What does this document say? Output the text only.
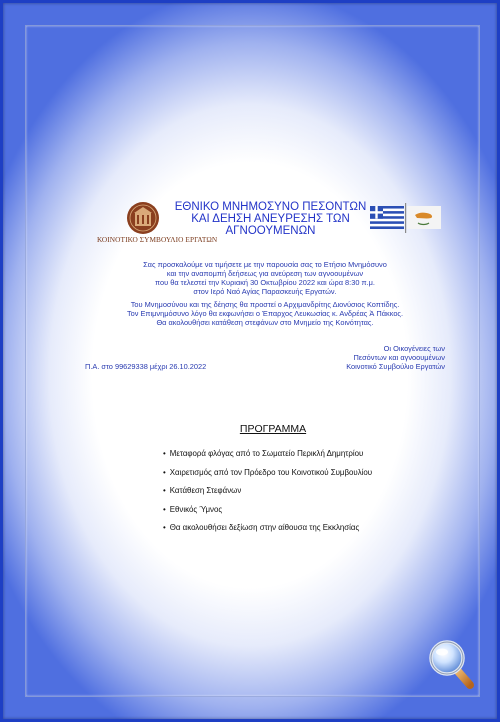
ΚΟΙΝΟΤΙΚΟ ΣΥΜΒΟΥΛΙΟ ΕΡΓΑΤΩΝ
ΕΘΝΙΚΟ ΜΝΗΜΟΣΥΝΟ ΠΕΣΟΝΤΩΝ
ΚΑΙ ΔΕΗΣΗ ΑΝΕΥΡΕΣΗΣ ΤΩΝ
ΑΓΝΟΟΥΜΕΝΩΝ
Σας προσκαλούμε να τιμήσετε με την παρουσία σας το Ετήσιο Μνημόσυνο
και την αναπομπή δεήσεως για ανεύρεση των αγνοουμένων
που θα τελεστεί την Κυριακή 30 Οκτωβρίου 2022 και ώρα 8:30 π.μ.
στον Ιερό Ναό Αγίας Παρασκευής Εργατών.
Του Μνημοσύνου και της δέησης θα προστεί ο Αρχιμανδρίτης Διονύσιος Κοπτίδης.
Τον Επιμνημόσυνο λόγο θα εκφωνήσει ο Έπαρχος Λευκωσίας κ. Ανδρέας Ἀ Πάκκος.
Θα ακολουθήσει κατάθεση στεφάνων στο Μνημείο της Κοινότητας.
Οι Οικογένειες των
Πεσόντων και αγνοουμένων
Κοινοτικό Συμβούλιο Εργατών
Π.Α. στο 99629338 μέχρι 26.10.2022
ΠΡΟΓΡΑΜΜΑ
• Μεταφορά φλόγας από το Σωματείο Περικλή Δημητρίου
• Χαιρετισμός από τον Πρόεδρο του Κοινοτικού Συμβουλίου
• Κατάθεση Στεφάνων
• Εθνικός Ύμνος
• Θα ακολουθήσει δεξίωση στην αίθουσα της Εκκλησίας
